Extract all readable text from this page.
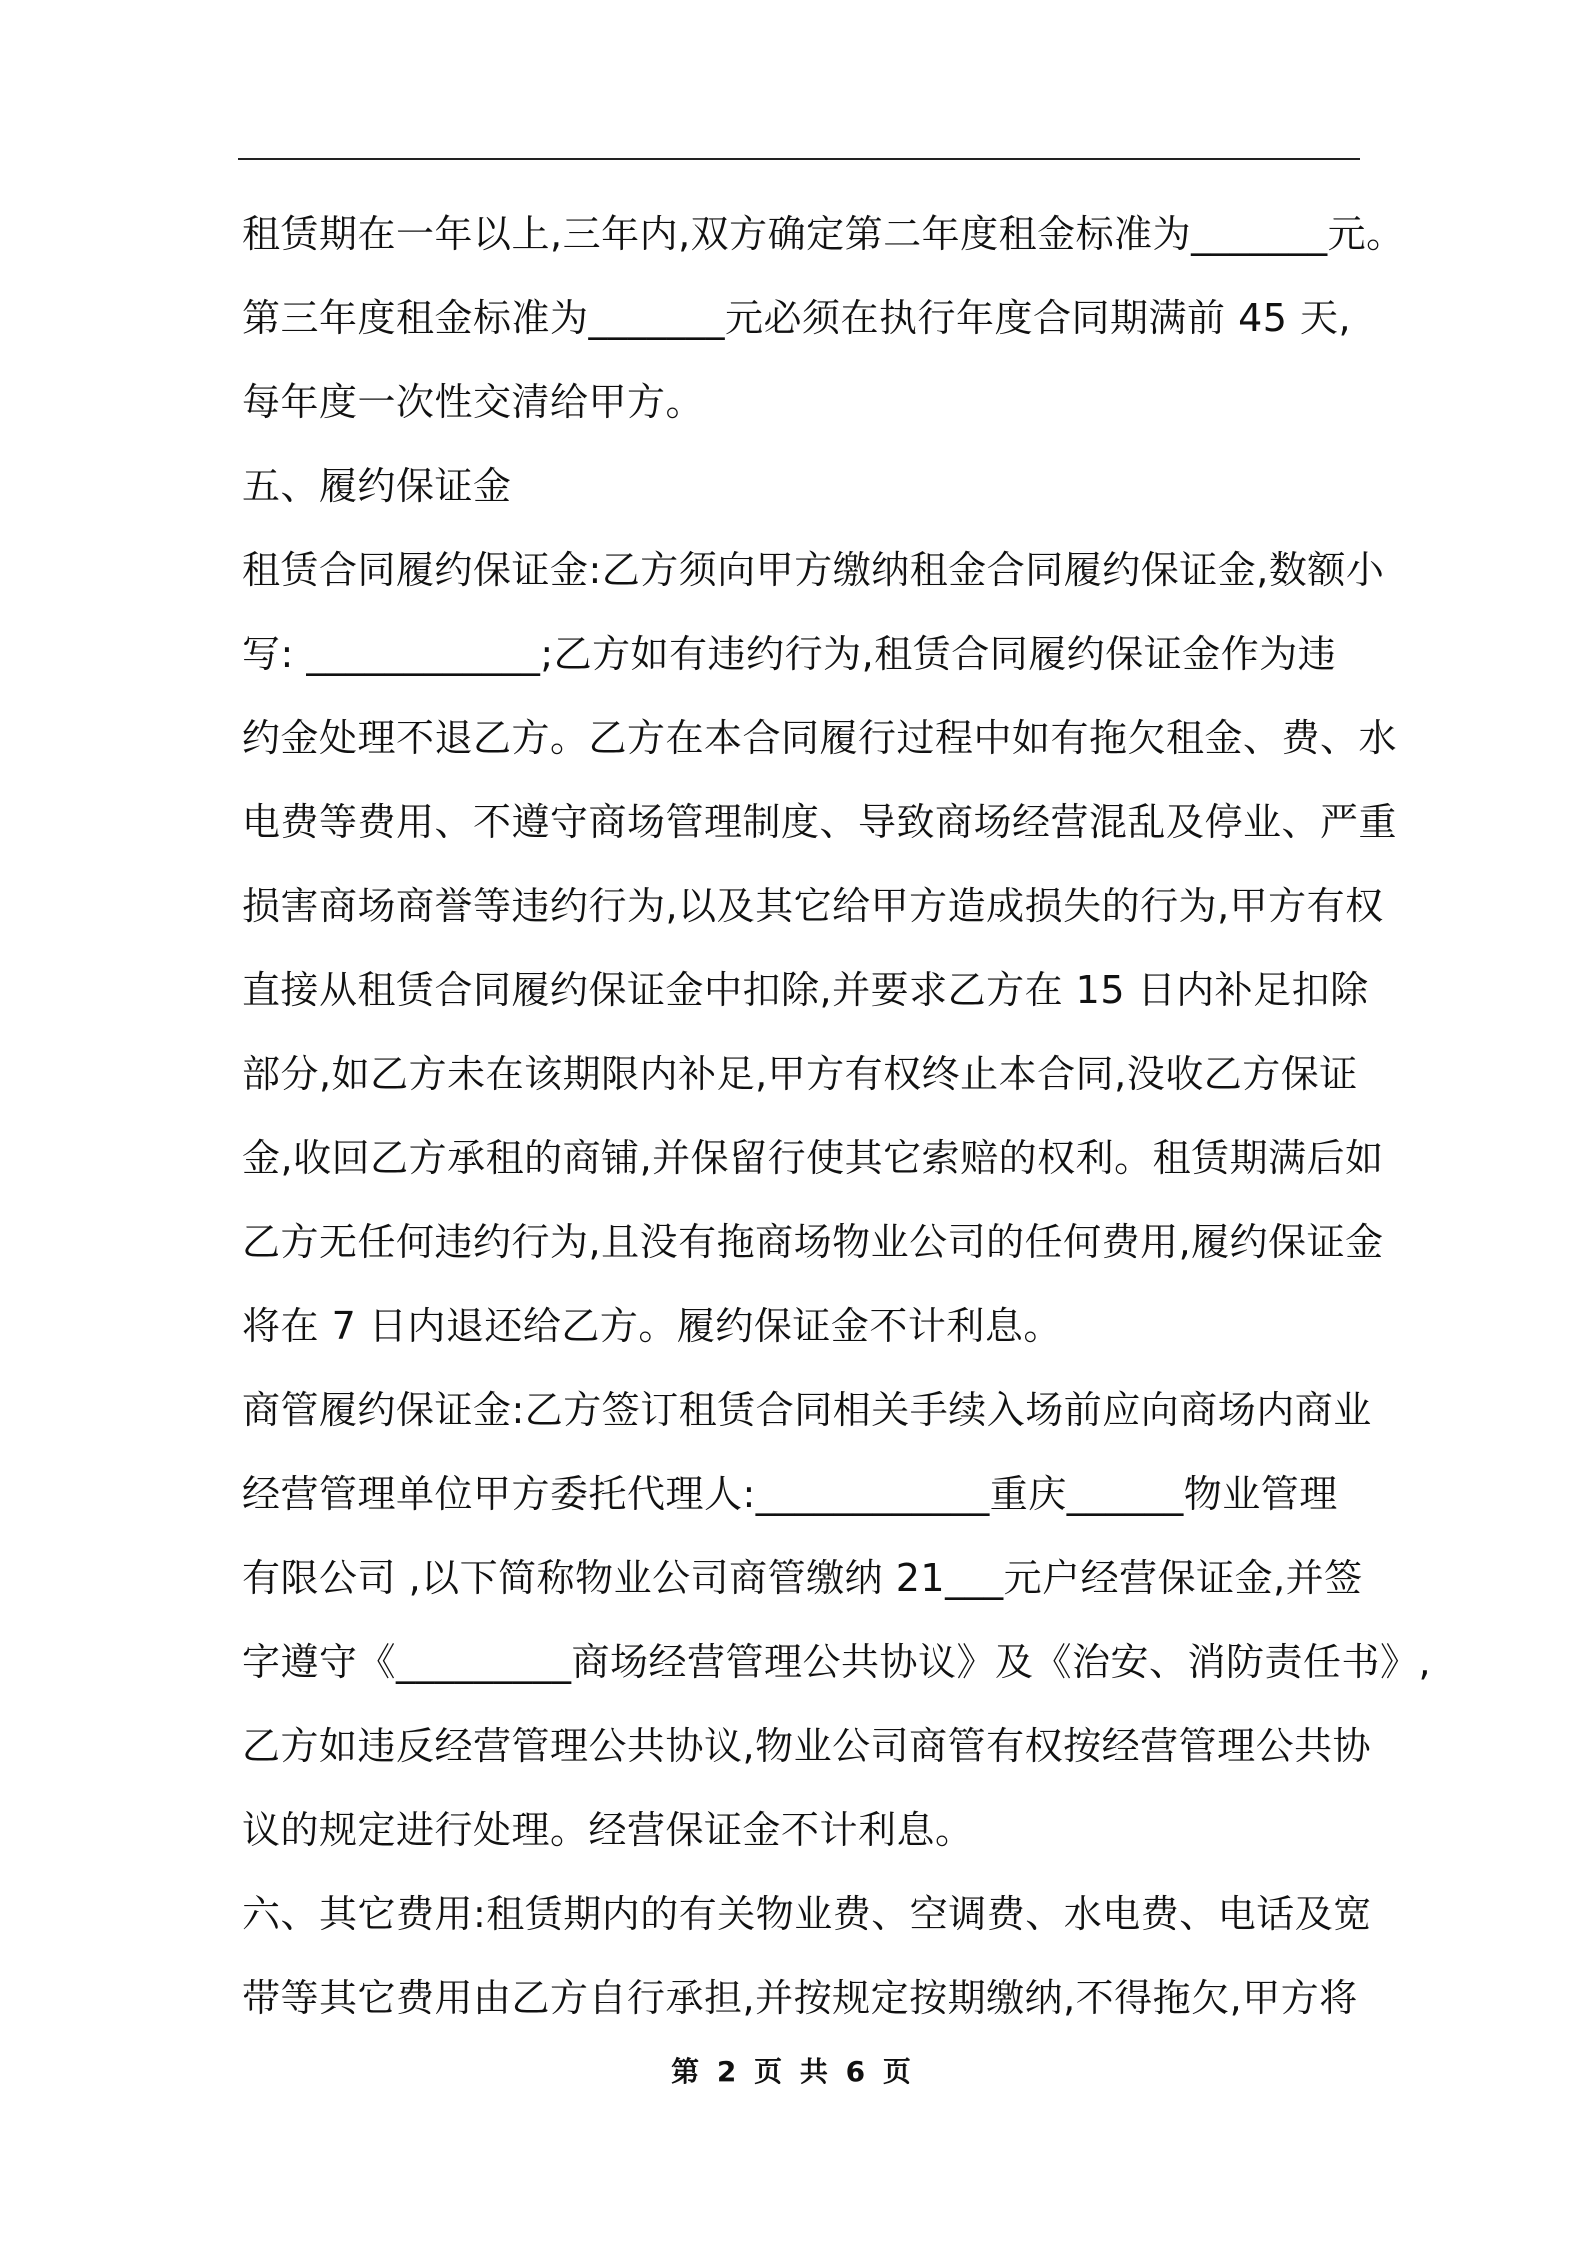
租赁期在一年以上,三年内,双方确定第二年度租金标准为_______元。
第三年度租金标准为_______元必须在执行年度合同期满前 45 天,
每年度一次性交清给甲方。
五、履约保证金
租赁合同履约保证金:乙方须向甲方缴纳租金合同履约保证金,数额小
写: ____________;乙方如有违约行为,租赁合同履约保证金作为违
约金处理不退乙方。乙方在本合同履行过程中如有拖欠租金、费、水
电费等费用、不遵守商场管理制度、导致商场经营混乱及停业、严重
损害商场商誉等违约行为,以及其它给甲方造成损失的行为,甲方有权
直接从租赁合同履约保证金中扣除,并要求乙方在 15 日内补足扣除
部分,如乙方未在该期限内补足,甲方有权终止本合同,没收乙方保证
金,收回乙方承租的商铺,并保留行使其它索赔的权利。租赁期满后如
乙方无任何违约行为,且没有拖商场物业公司的任何费用,履约保证金
将在 7 日内退还给乙方。履约保证金不计利息。
商管履约保证金:乙方签订租赁合同相关手续入场前应向商场内商业
经营管理单位甲方委托代理人:____________重庆______物业管理
有限公司 ,以下简称物业公司商管缴纳 21___元户经营保证金,并签
字遵守《_________商场经营管理公共协议》及《治安、消防责任书》,
乙方如违反经营管理公共协议,物业公司商管有权按经营管理公共协
议的规定进行处理。经营保证金不计利息。
六、其它费用:租赁期内的有关物业费、空调费、水电费、电话及宽
带等其它费用由乙方自行承担,并按规定按期缴纳,不得拖欠,甲方将
第 2 页 共 6 页
